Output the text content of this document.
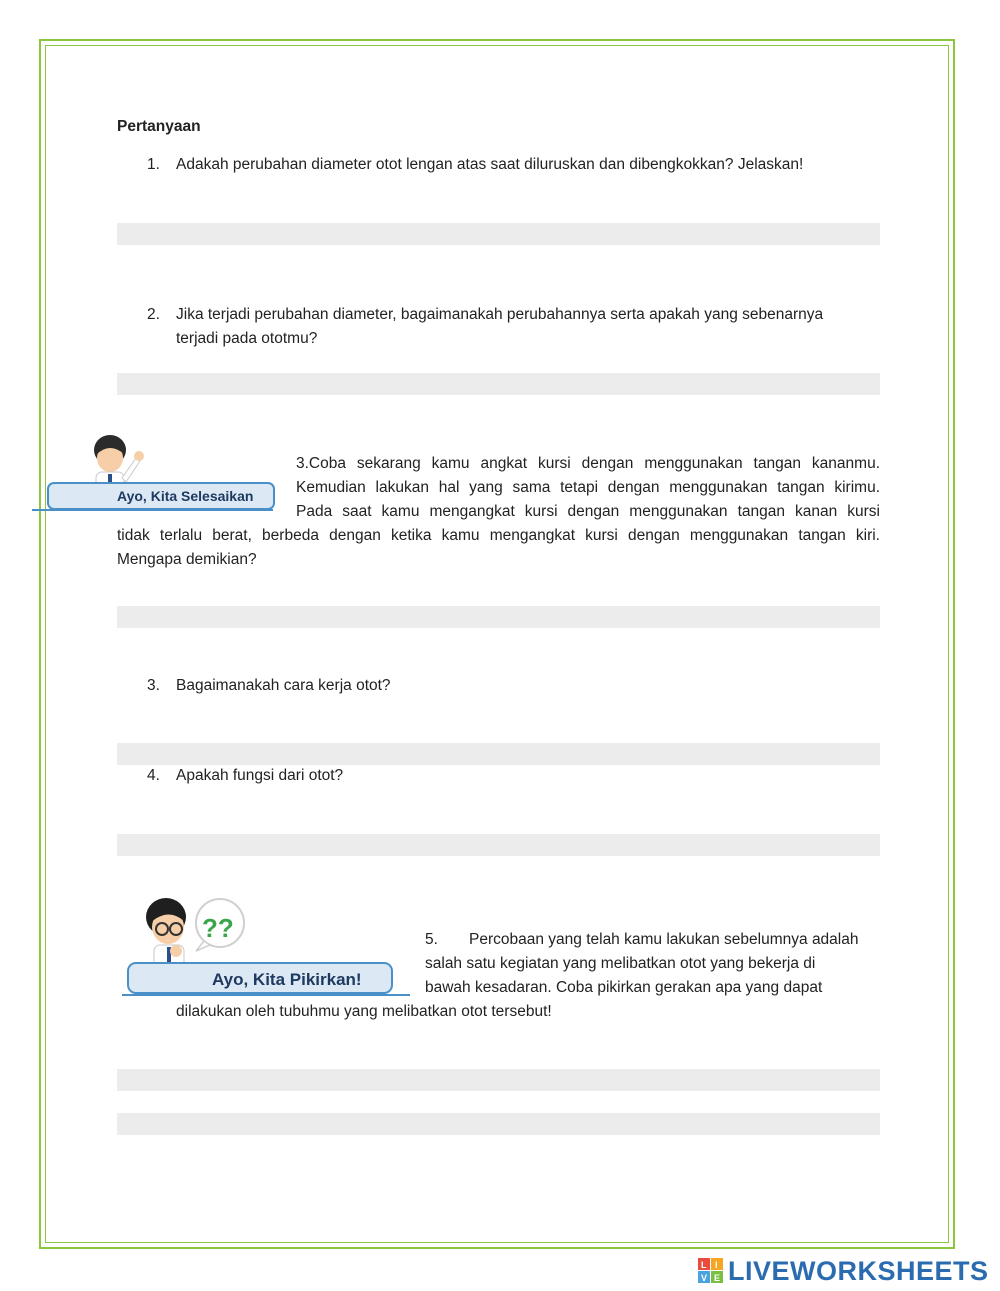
Pertanyaan
1. Adakah perubahan diameter otot lengan atas saat diluruskan dan dibengkokkan? Jelaskan!
2. Jika terjadi perubahan diameter, bagaimanakah perubahannya serta apakah yang sebenarnya
terjadi pada ototmu?
Ayo, Kita Selesaikan
3.Coba sekarang kamu angkat kursi dengan menggunakan tangan kananmu.
Kemudian lakukan hal yang sama tetapi dengan menggunakan tangan kirimu.
Pada saat kamu mengangkat kursi dengan menggunakan tangan kanan kursi
tidak terlalu berat, berbeda dengan ketika kamu mengangkat kursi dengan menggunakan tangan kiri.
Mengapa demikian?
3. Bagaimanakah cara kerja otot?
4. Apakah fungsi dari otot?
??
Ayo, Kita Pikirkan!
5. Percobaan yang telah kamu lakukan sebelumnya adalah
salah satu kegiatan yang melibatkan otot yang bekerja di
bawah kesadaran. Coba pikirkan gerakan apa yang dapat
dilakukan oleh tubuhmu yang melibatkan otot tersebut!
L I
V E LIVEWORKSHEETS
